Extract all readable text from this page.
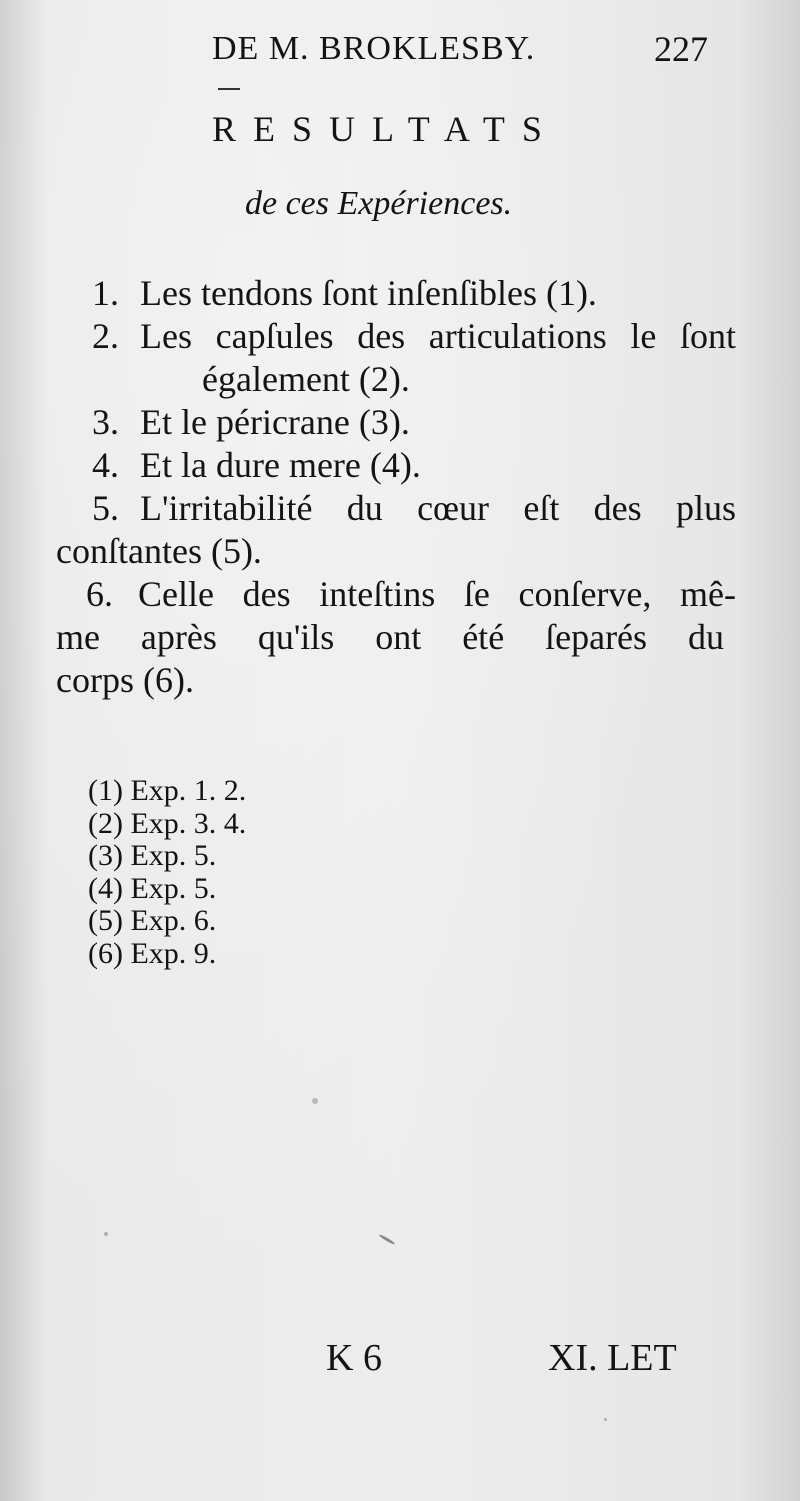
DE M. BROKLESBY.	227
RESULTATS
de ces Expériences.
1. Les tendons ſont inſenſibles (1).
2. Les capſules des articulations le ſont
également (2).
3. Et le péricrane (3).
4. Et la dure mere (4).
5. L'irritabilité du cœur eſt des plus
conſtantes (5).
6. Celle des inteſtins ſe conſerve, mê-
me après qu'ils ont été ſeparés du
corps (6).
(1) Exp. 1. 2.
(2) Exp. 3. 4.
(3) Exp. 5.
(4) Exp. 5.
(5) Exp. 6.
(6) Exp. 9.
K 6	XI. LET
